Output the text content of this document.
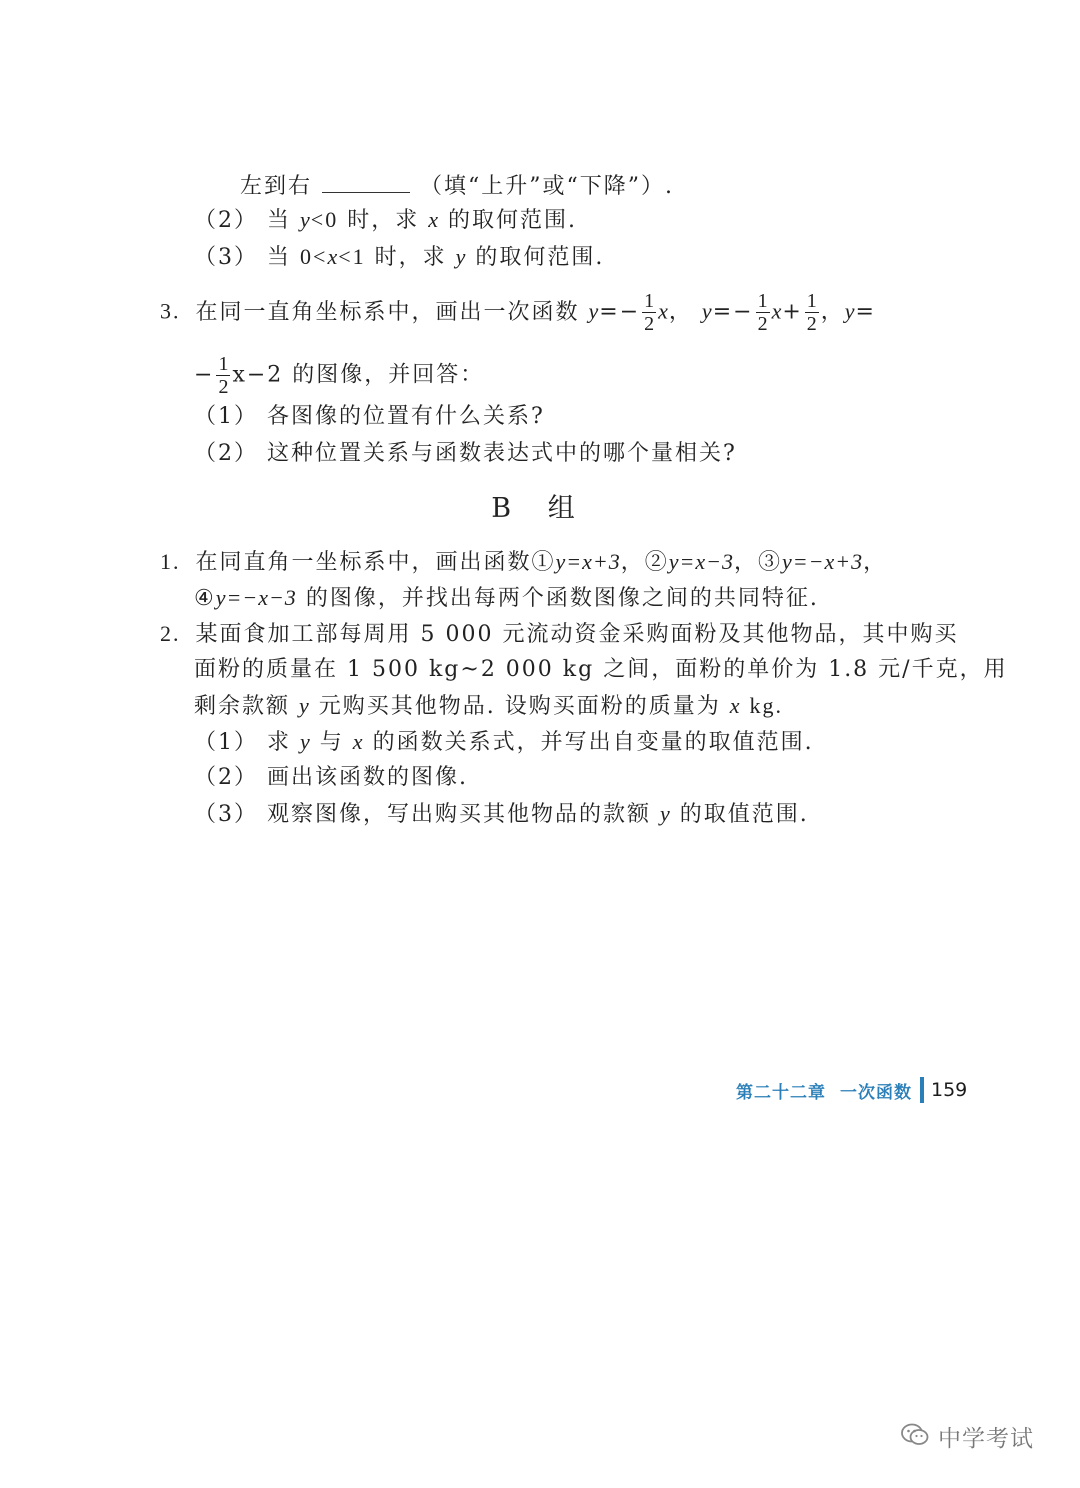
左到右	（填“上升”或“下降”）.
（2） 当 y<0 时，求 x 的取何范围.
（3） 当 0<x<1 时，求 y 的取何范围.
3. 在同一直角坐标系中，画出一次函数 $y=- \frac{1}{2}$ x， $y=- \frac{1}{2} x+ \frac{1}{2}$ ，y=
− $\frac{1}{2} x-2$ 的图像，并回答：
（1） 各图像的位置有什么关系?
（2） 这种位置关系与函数表达式中的哪个量相关?
B 组
1. 在同直角一坐标系中，画出函数①y=x+3，②y=x−3，③y=−x+3，
④y=−x−3 的图像，并找出每两个函数图像之间的共同特征.
2. 某面食加工部每周用 5 000 元流动资金采购面粉及其他物品，其中购买
面粉的质量在 1 500 kg~2 000 kg 之间，面粉的单价为 1.8 元/千克，用
剩余款额 y 元购买其他物品. 设购买面粉的质量为 x kg.
（1） 求 y 与 x 的函数关系式，并写出自变量的取值范围.
（2） 画出该函数的图像.
（3） 观察图像，写出购买其他物品的款额 y 的取值范围.
第二十二章 一次函数 159
中学考试
